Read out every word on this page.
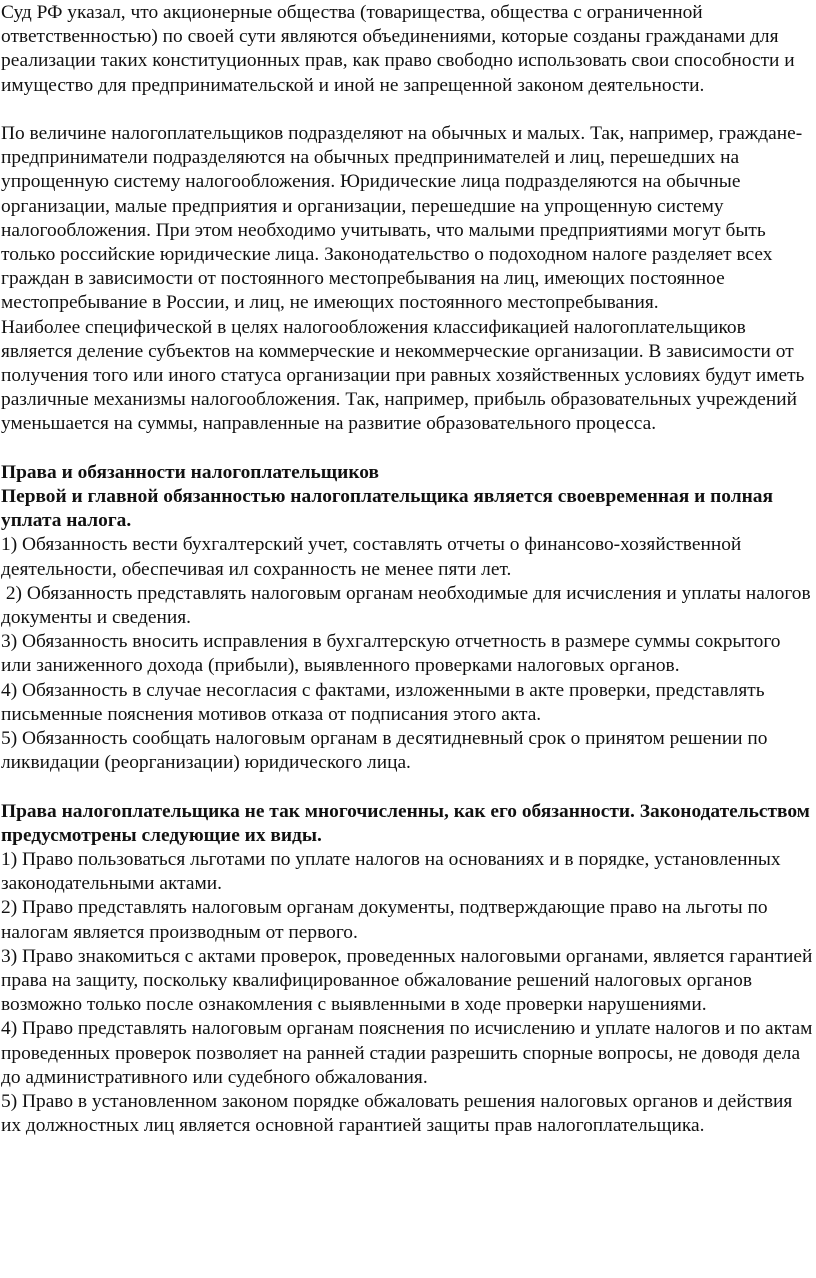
Суд РФ указал, что акционерные общества (товарищества, общества с ограниченной ответственностью) по своей сути являются объединениями, которые созданы гражданами для реализации таких конституционных прав, как право свободно использовать свои способности и имущество для предпринимательской и иной не запрещенной законом деятельности.

По величине налогоплательщиков подразделяют на обычных и малых. Так, например, граждане-предприниматели подразделяются на обычных предпринимателей и лиц, перешедших на упрощенную систему налогообложения. Юридические лица подразделяются на обычные организации, малые предприятия и организации, перешедшие на упрощенную систему налогообложения. При этом необходимо учитывать, что малыми предприятиями могут быть только российские юридические лица. Законодательство о подоходном налоге разделяет всех граждан в зависимости от постоянного местопребывания на лиц, имеющих постоянное местопребывание в России, и лиц, не имеющих постоянного местопребывания.

Наиболее специфической в целях налогообложения классификацией налогоплательщиков является деление субъектов на коммерческие и некоммерческие организации. В зависимости от получения того или иного статуса организации при равных хозяйственных условиях будут иметь различные механизмы налогообложения. Так, например, прибыль образовательных учреждений уменьшается на суммы, направленные на развитие образовательного процесса.

Права и обязанности налогоплательщиков

Первой и главной обязанностью налогоплательщика является своевременная и полная уплата налога.

1) Обязанность вести бухгалтерский учет, составлять отчеты о финансово-хозяйственной деятельности, обеспечивая ил сохранность не менее пяти лет.

2) Обязанность представлять налоговым органам необходимые для исчисления и уплаты налогов документы и сведения.

3) Обязанность вносить исправления в бухгалтерскую отчетность в размере суммы сокрытого или заниженного дохода (прибыли), выявленного проверками налоговых органов.

4) Обязанность в случае несогласия с фактами, изложенными в акте проверки, представлять письменные пояснения мотивов отказа от подписания этого акта.

5) Обязанность сообщать налоговым органам в десятидневный срок о принятом решении по ликвидации (реорганизации) юридического лица.

Права налогоплательщика не так многочисленны, как его обязанности. Законодательством предусмотрены следующие их виды.

1) Право пользоваться льготами по уплате налогов на основаниях и в порядке, установленных законодательными актами.

2) Право представлять налоговым органам документы, подтверждающие право на льготы по налогам является производным от первого.

3) Право знакомиться с актами проверок, проведенных налоговыми органами, является гарантией права на защиту, поскольку квалифицированное обжалование решений налоговых органов возможно только после ознакомления с выявленными в ходе проверки нарушениями.

4) Право представлять налоговым органам пояснения по исчислению и уплате налогов и по актам проведенных проверок позволяет на ранней стадии разрешить спорные вопросы, не доводя дела до административного или судебного обжалования.

5) Право в установленном законом порядке обжаловать решения налоговых органов и действия их должностных лиц является основной гарантией защиты прав налогоплательщика.
